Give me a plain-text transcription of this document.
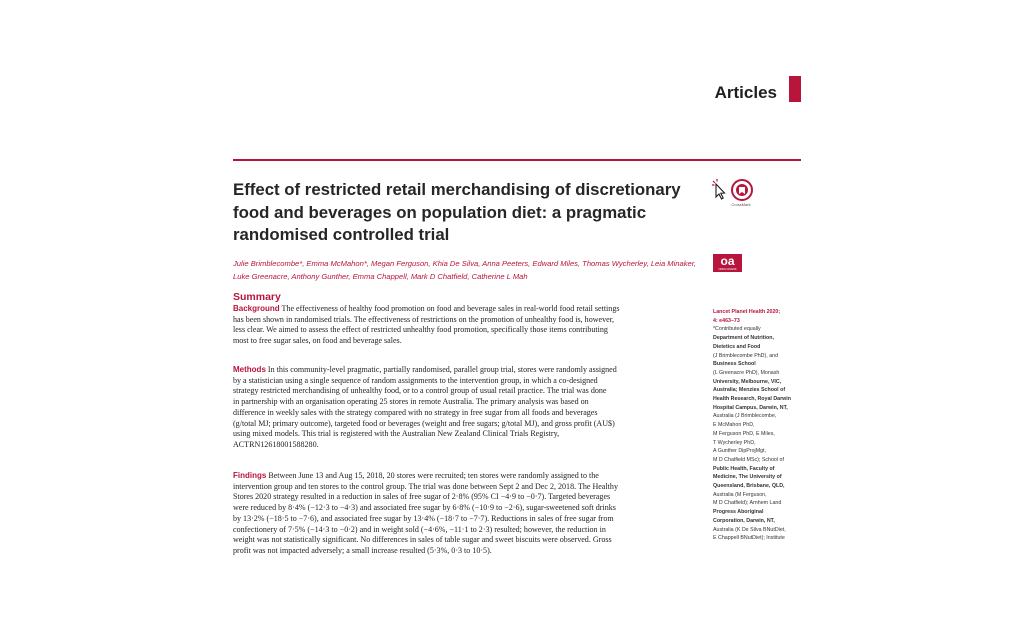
Articles
Effect of restricted retail merchandising of discretionary
food and beverages on population diet: a pragmatic
randomised controlled trial
CrossMark
oa
OPEN ACCESS
Julie Brimblecombe*, Emma McMahon*, Megan Ferguson, Khia De Silva, Anna Peeters, Edward Miles, Thomas Wycherley, Leia Minaker,
Luke Greenacre, Anthony Gunther, Emma Chappell, Mark D Chatfield, Catherine L Mah
Summary
Background The effectiveness of healthy food promotion on food and beverage sales in real-world food retail settings
has been shown in randomised trials. The effectiveness of restrictions on the promotion of unhealthy food is, however,
less clear. We aimed to assess the effect of restricted unhealthy food promotion, specifically those items contributing
most to free sugar sales, on food and beverage sales.
Methods In this community-level pragmatic, partially randomised, parallel group trial, stores were randomly assigned
by a statistician using a single sequence of random assignments to the intervention group, in which a co-designed
strategy restricted merchandising of unhealthy food, or to a control group of usual retail practice. The trial was done
in partnership with an organisation operating 25 stores in remote Australia. The primary analysis was based on
difference in weekly sales with the strategy compared with no strategy in free sugar from all foods and beverages
(g/total MJ; primary outcome), targeted food or beverages (weight and free sugars; g/total MJ), and gross profit (AU$)
using mixed models. This trial is registered with the Australian New Zealand Clinical Trials Registry,
ACTRN12618001588280.
Findings Between June 13 and Aug 15, 2018, 20 stores were recruited; ten stores were randomly assigned to the
intervention group and ten stores to the control group. The trial was done between Sept 2 and Dec 2, 2018. The Healthy
Stores 2020 strategy resulted in a reduction in sales of free sugar of 2·8% (95% CI −4·9 to −0·7). Targeted beverages
were reduced by 8·4% (−12·3 to −4·3) and associated free sugar by 6·8% (−10·9 to −2·6), sugar-sweetened soft drinks
by 13·2% (−18·5 to −7·6), and associated free sugar by 13·4% (−18·7 to −7·7). Reductions in sales of free sugar from
confectionery of 7·5% (−14·3 to −0·2) and in weight sold (−4·6%, −11·1 to 2·3) resulted; however, the reduction in
weight was not statistically significant. No differences in sales of table sugar and sweet biscuits were observed. Gross
profit was not impacted adversely; a small increase resulted (5·3%, 0·3 to 10·5).
Lancet Planet Health 2020;
4: e463–73
*Contributed equally
Department of Nutrition,
Dietetics and Food
(J Brimblecombe PhD), and
Business School
(L Greenacre PhD), Monash
University, Melbourne, VIC,
Australia; Menzies School of
Health Research, Royal Darwin
Hospital Campus, Darwin, NT,
Australia (J Brimblecombe,
E McMahon PhD,
M Ferguson PhD, E Miles,
T Wycherley PhD,
A Gunther DipProjMgt,
M D Chatfield MSc); School of
Public Health, Faculty of
Medicine, The University of
Queensland, Brisbane, QLD,
Australia (M Ferguson,
M D Chatfield); Arnhem Land
Progress Aboriginal
Corporation, Darwin, NT,
Australia (K De Silva BNutDiet,
E Chappell BNutDiet); Institute
